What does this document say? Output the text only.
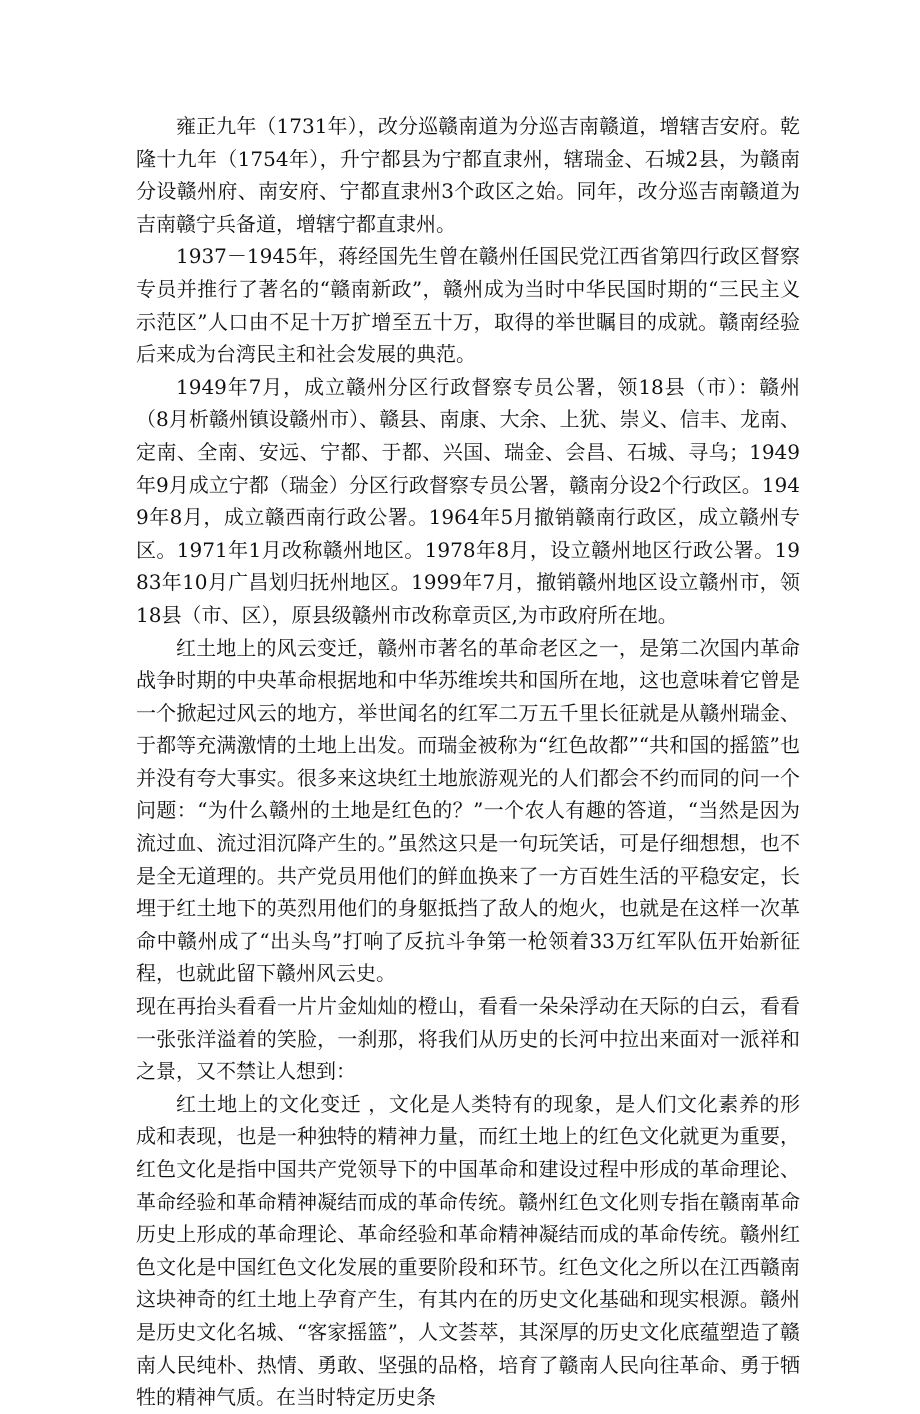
雍正九年（1731年），改分巡赣南道为分巡吉南赣道，增辖吉安府。乾隆十九年（1754年），升宁都县为宁都直隶州，辖瑞金、石城2县，为赣南分设赣州府、南安府、宁都直隶州3个政区之始。同年，改分巡吉南赣道为吉南赣宁兵备道，增辖宁都直隶州。

1937－1945年，蒋经国先生曾在赣州任国民党江西省第四行政区督察专员并推行了著名的“赣南新政”，赣州成为当时中华民国时期的“三民主义示范区”人口由不足十万扩增至五十万，取得的举世瞩目的成就。赣南经验后来成为台湾民主和社会发展的典范。

1949年7月，成立赣州分区行政督察专员公署，领18县（市）：赣州（8月析赣州镇设赣州市）、赣县、南康、大余、上犹、崇义、信丰、龙南、定南、全南、安远、宁都、于都、兴国、瑞金、会昌、石城、寻乌；1949年9月成立宁都（瑞金）分区行政督察专员公署，赣南分设2个行政区。1949年8月，成立赣西南行政公署。1964年5月撤销赣南行政区，成立赣州专区。1971年1月改称赣州地区。1978年8月，设立赣州地区行政公署。1983年10月广昌划归抚州地区。1999年7月，撤销赣州地区设立赣州市，领18县（市、区），原县级赣州市改称章贡区,为市政府所在地。

红土地上的风云变迁，赣州市著名的革命老区之一，是第二次国内革命战争时期的中央革命根据地和中华苏维埃共和国所在地，这也意味着它曾是一个掀起过风云的地方，举世闻名的红军二万五千里长征就是从赣州瑞金、于都等充满激情的土地上出发。而瑞金被称为“红色故都”“共和国的摇篮”也并没有夸大事实。很多来这块红土地旅游观光的人们都会不约而同的问一个问题：“为什么赣州的土地是红色的？”一个农人有趣的答道，“当然是因为流过血、流过泪沉降产生的。”虽然这只是一句玩笑话，可是仔细想想，也不是全无道理的。共产党员用他们的鲜血换来了一方百姓生活的平稳安定，长埋于红土地下的英烈用他们的身躯抵挡了敌人的炮火，也就是在这样一次革命中赣州成了“出头鸟”打响了反抗斗争第一枪领着33万红军队伍开始新征程，也就此留下赣州风云史。

现在再抬头看看一片片金灿灿的橙山，看看一朵朵浮动在天际的白云，看看一张张洋溢着的笑脸，一刹那，将我们从历史的长河中拉出来面对一派祥和之景，又不禁让人想到：

红土地上的文化变迁 ，文化是人类特有的现象，是人们文化素养的形成和表现，也是一种独特的精神力量，而红土地上的红色文化就更为重要，红色文化是指中国共产党领导下的中国革命和建设过程中形成的革命理论、革命经验和革命精神凝结而成的革命传统。赣州红色文化则专指在赣南革命历史上形成的革命理论、革命经验和革命精神凝结而成的革命传统。赣州红色文化是中国红色文化发展的重要阶段和环节。红色文化之所以在江西赣南这块神奇的红土地上孕育产生，有其内在的历史文化基础和现实根源。赣州是历史文化名城、“客家摇篮”，人文荟萃，其深厚的历史文化底蕴塑造了赣南人民纯朴、热情、勇敢、坚强的品格，培育了赣南人民向往革命、勇于牺牲的精神气质。在当时特定历史条
